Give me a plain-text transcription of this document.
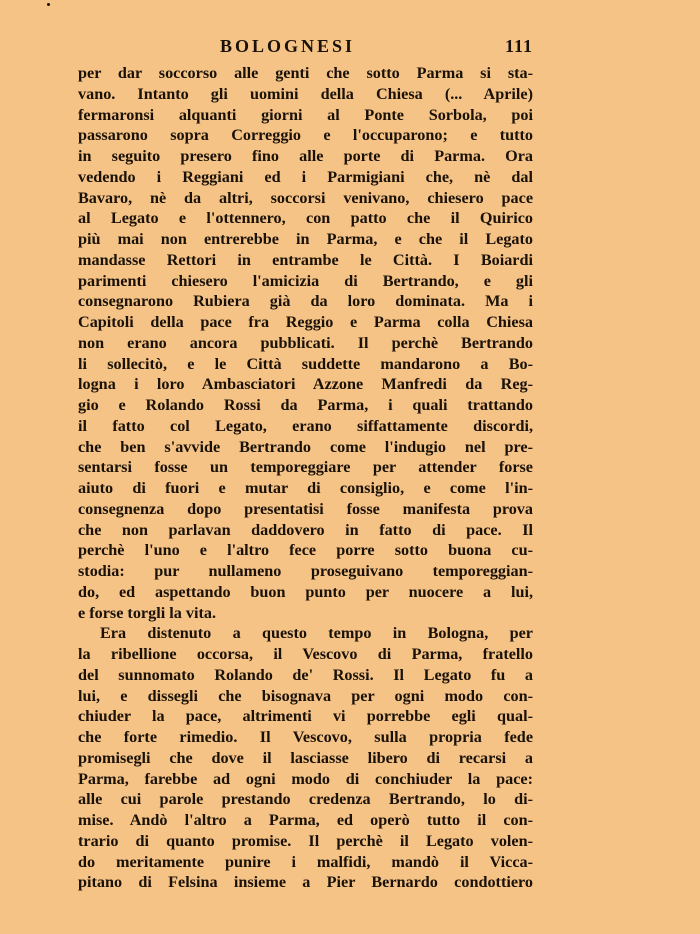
BOLOGNESI	111
per dar soccorso alle genti che sotto Parma si sta-
vano. Intanto gli uomini della Chiesa (... Aprile)
fermaronsi alquanti giorni al Ponte Sorbola, poi
passarono sopra Correggio e l'occuparono; e tutto
in seguito presero fino alle porte di Parma. Ora
vedendo i Reggiani ed i Parmigiani che, nè dal
Bavaro, nè da altri, soccorsi venivano, chiesero pace
al Legato e l'ottennero, con patto che il Quirico
più mai non entrerebbe in Parma, e che il Legato
mandasse Rettori in entrambe le Città. I Boiardi
parimenti chiesero l'amicizia di Bertrando, e gli
consegnarono Rubiera già da loro dominata. Ma i
Capitoli della pace fra Reggio e Parma colla Chiesa
non erano ancora pubblicati. Il perchè Bertrando
li sollecitò, e le Città suddette mandarono a Bo-
logna i loro Ambasciatori Azzone Manfredi da Reg-
gio e Rolando Rossi da Parma, i quali trattando
il fatto col Legato, erano siffattamente discordi,
che ben s'avvide Bertrando come l'indugio nel pre-
sentarsi fosse un temporeggiare per attender forse
aiuto di fuori e mutar di consiglio, e come l'in-
consegnenza dopo presentatisi fosse manifesta prova
che non parlavan daddovero in fatto di pace. Il
perchè l'uno e l'altro fece porre sotto buona cu-
stodia: pur nullameno proseguivano temporeggian-
do, ed aspettando buon punto per nuocere a lui,
e forse torgli la vita.
Era distenuto a questo tempo in Bologna, per
la ribellione occorsa, il Vescovo di Parma, fratello
del sunnomato Rolando de' Rossi. Il Legato fu a
lui, e dissegli che bisognava per ogni modo con-
chiuder la pace, altrimenti vi porrebbe egli qual-
che forte rimedio. Il Vescovo, sulla propria fede
promisegli che dove il lasciasse libero di recarsi a
Parma, farebbe ad ogni modo di conchiuder la pace:
alle cui parole prestando credenza Bertrando, lo di-
mise. Andò l'altro a Parma, ed operò tutto il con-
trario di quanto promise. Il perchè il Legato volen-
do meritamente punire i malfidi, mandò il Vicca-
pitano di Felsina insieme a Pier Bernardo condottiero
